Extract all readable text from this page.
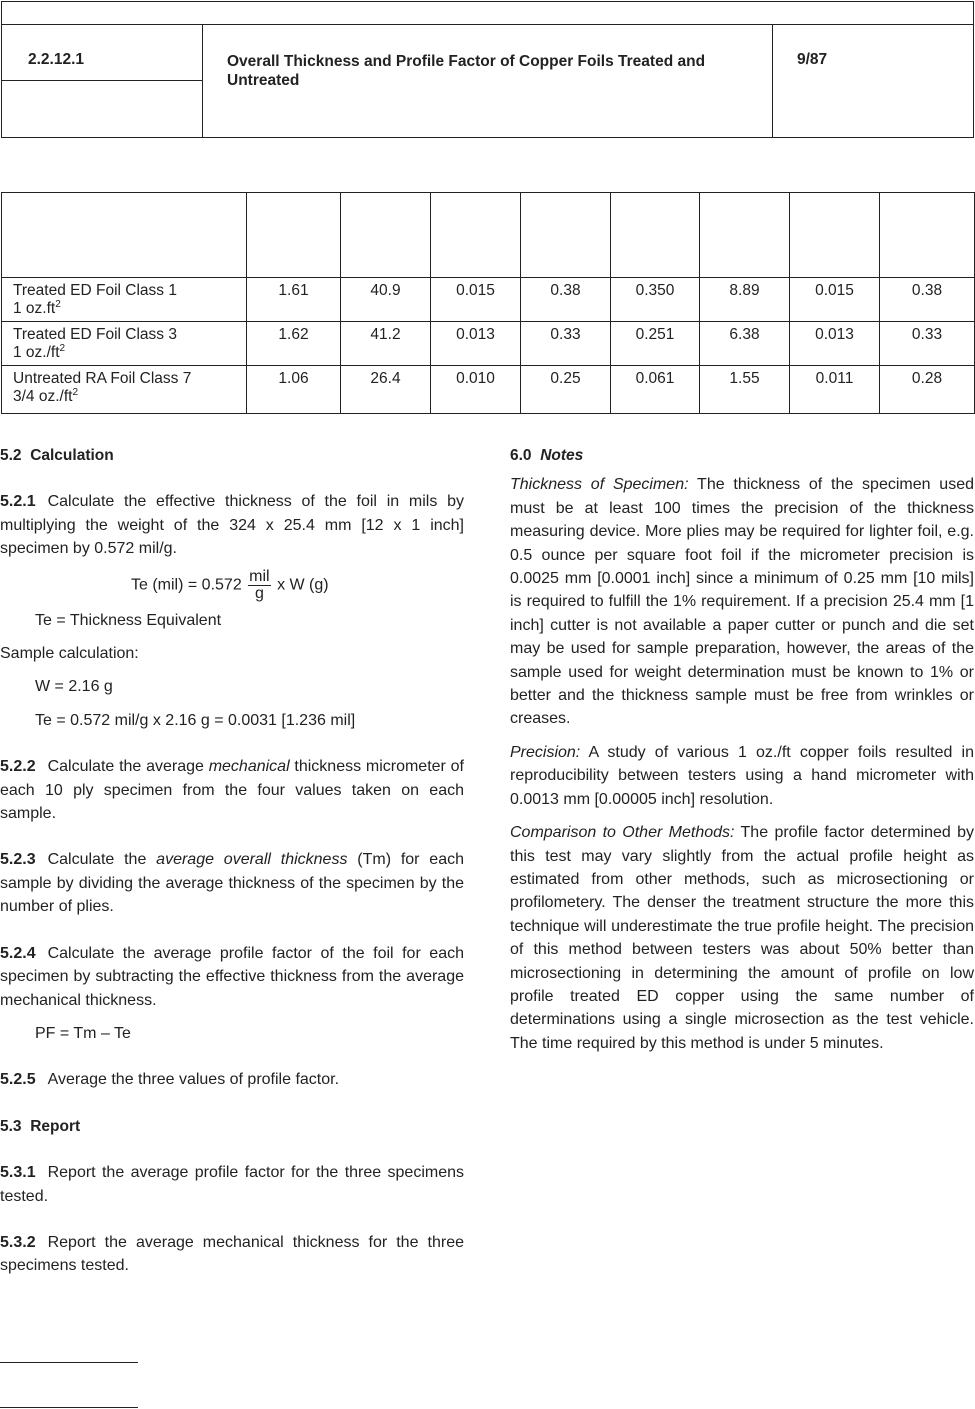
2.2.12.1	Overall Thickness and Profile Factor of Copper Foils Treated and Untreated
9/87

Treated ED Foil Class 1
1 $oz.ft^2$	1.61	40.9	0.015	0.38	0.350	8.89	0.015	0.38
Treated ED Foil Class 3
1 $oz./ft^2$	1.62	41.2	0.013	0.33	0.251	6.38	0.013	0.33
Untreated RA Foil Class 7
3/4 $oz./ft^2$	1.06	26.4	0.010	0.25	0.061	1.55	0.011	0.28

5.2 Calculation

5.2.1 Calculate the effective thickness of the foil in mils by multiplying the weight of the 324 x 25.4 mm [12 x 1 inch] specimen by 0.572 mil/g.

Te $(mil) = 0.572 \frac{\text{mil}}{g}$ x W (g)

Te = Thickness Equivalent

Sample calculation:

W = 2.16 g

Te = 0.572 mil/g x 2.16 g = 0.0031 [1.236 mil]

5.2.2 Calculate the average mechanical thickness micrometer of each 10 ply specimen from the four values taken on each sample.

5.2.3 Calculate the average overall thickness (Tm) for each sample by dividing the average thickness of the specimen by the number of plies.

5.2.4 Calculate the average profile factor of the foil for each specimen by subtracting the effective thickness from the average mechanical thickness.

PF = Tm – Te

5.2.5 Average the three values of profile factor.

5.3 Report

5.3.1 Report the average profile factor for the three specimens tested.

5.3.2 Report the average mechanical thickness for the three specimens tested.

6.0 Notes

Thickness of Specimen: The thickness of the specimen used must be at least 100 times the precision of the thickness measuring device. More plies may be required for lighter foil, e.g. 0.5 ounce per square foot foil if the micrometer precision is 0.0025 mm [0.0001 inch] since a minimum of 0.25 mm [10 mils] is required to fulfill the 1% requirement. If a precision 25.4 mm [1 inch] cutter is not available a paper cutter or punch and die set may be used for sample preparation, however, the areas of the sample used for weight determination must be known to 1% or better and the thickness sample must be free from wrinkles or creases.

Precision: A study of various 1 oz./ft copper foils resulted in reproducibility between testers using a hand micrometer with 0.0013 mm [0.00005 inch] resolution.

Comparison to Other Methods: The profile factor determined by this test may vary slightly from the actual profile height as estimated from other methods, such as microsectioning or profilometery. The denser the treatment structure the more this technique will underestimate the true profile height. The precision of this method between testers was about 50% better than microsectioning in determining the amount of profile on low profile treated ED copper using the same number of determinations using a single microsection as the test vehicle. The time required by this method is under 5 minutes.
